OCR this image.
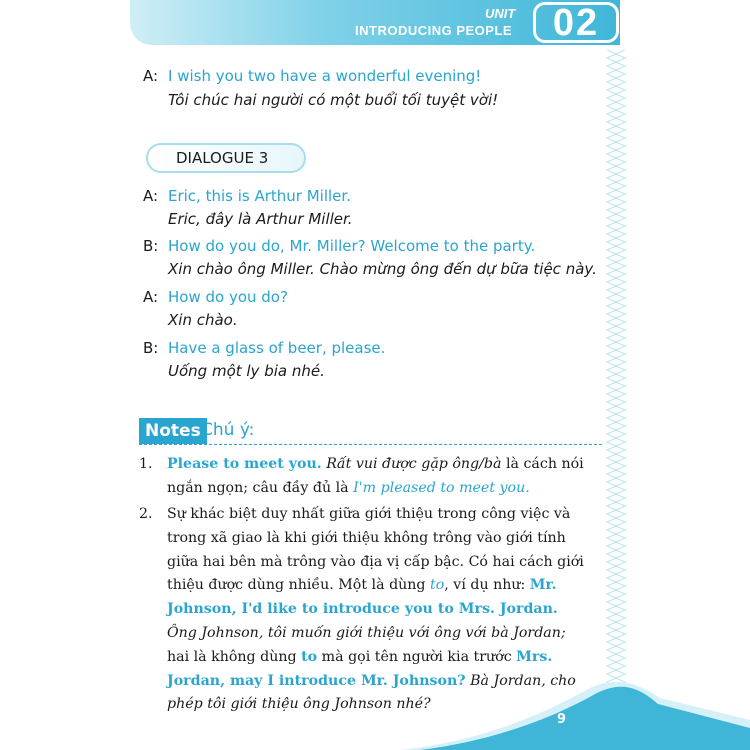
UNIT
INTRODUCING PEOPLE 02
A: I wish you two have a wonderful evening!
Tôi chúc hai người có một buổi tối tuyệt vời!
DIALOGUE 3
A: Eric, this is Arthur Miller.
Eric, đây là Arthur Miller.
B: How do you do, Mr. Miller? Welcome to the party.
Xin chào ông Miller. Chào mừng ông đến dự bữa tiệc này.
A: How do you do?
Xin chào.
B: Have a glass of beer, please.
Uống một ly bia nhé.
Notes Chú ý:
1. Please to meet you. Rất vui được gặp ông/bà là cách nói ngắn ngọn; câu đầy đủ là I'm pleased to meet you.
2. Sự khác biệt duy nhất giữa giới thiệu trong công việc và trong xã giao là khi giới thiệu không trông vào giới tính giữa hai bên mà trông vào địa vị cấp bậc. Có hai cách giới thiệu được dùng nhiều. Một là dùng to, ví dụ như: Mr. Johnson, I'd like to introduce you to Mrs. Jordan. Ông Johnson, tôi muốn giới thiệu với ông với bà Jordan; hai là không dùng to mà gọi tên người kia trước Mrs. Jordan, may I introduce Mr. Johnson? Bà Jordan, cho phép tôi giới thiệu ông Johnson nhé?
9
